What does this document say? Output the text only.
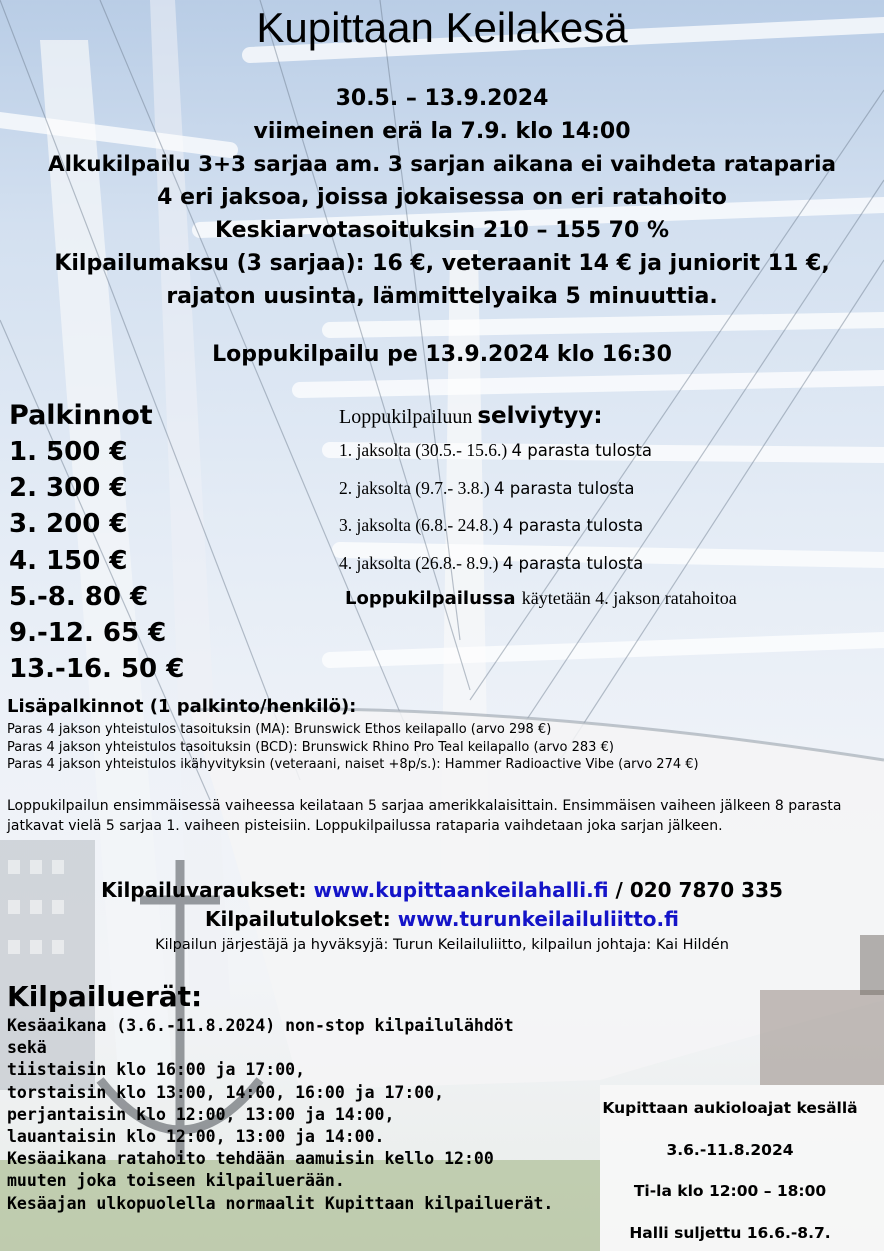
Kupittaan Keilakesä
30.5. – 13.9.2024
viimeinen erä la 7.9. klo 14:00
Alkukilpailu 3+3 sarjaa am. 3 sarjan aikana ei vaihdeta rataparia
4 eri jaksoa, joissa jokaisessa on eri ratahoito
Keskiarvotasoituksin 210 – 155 70 %
Kilpailumaksu (3 sarjaa): 16 €, veteraanit 14 € ja juniorit 11 €,
rajaton uusinta, lämmittelyaika 5 minuuttia.
Loppukilpailu pe 13.9.2024 klo 16:30
Palkinnot
1. 500 €
2. 300 €
3. 200 €
4. 150 €
5.-8. 80 €
9.-12. 65 €
13.-16. 50 €
Loppukilpailuun selviytyy:
1. jaksolta (30.5.- 15.6.) 4 parasta tulosta
2. jaksolta (9.7.- 3.8.) 4 parasta tulosta
3. jaksolta (6.8.- 24.8.) 4 parasta tulosta
4. jaksolta (26.8.- 8.9.) 4 parasta tulosta
Loppukilpailussa käytetään 4. jakson ratahoitoa
Lisäpalkinnot (1 palkinto/henkilö):
Paras 4 jakson yhteistulos tasoituksin (MA): Brunswick Ethos keilapallo (arvo 298 €)
Paras 4 jakson yhteistulos tasoituksin (BCD): Brunswick Rhino Pro Teal keilapallo (arvo 283 €)
Paras 4 jakson yhteistulos ikähyvityksin (veteraani, naiset +8p/s.): Hammer Radioactive Vibe (arvo 274 €)
Loppukilpailun ensimmäisessä vaiheessa keilataan 5 sarjaa amerikkalaisittain. Ensimmäisen vaiheen jälkeen 8 parasta jatkavat vielä 5 sarjaa 1. vaiheen pisteisiin. Loppukilpailussa rataparia vaihdetaan joka sarjan jälkeen.
Kilpailuvaraukset: www.kupittaankeilahalli.fi / 020 7870 335
Kilpailutulokset: www.turunkeilailuliitto.fi
Kilpailun järjestäjä ja hyväksyjä: Turun Keilailuliitto, kilpailun johtaja: Kai Hildén
Kilpailuerät:
Kesäaikana (3.6.-11.8.2024) non-stop kilpailulähdöt
sekä
tiistaisin klo 16:00 ja 17:00,
torstaisin klo 13:00, 14:00, 16:00 ja 17:00,
perjantaisin klo 12:00, 13:00 ja 14:00,
lauantaisin klo 12:00, 13:00 ja 14:00.
Kesäaikana ratahoito tehdään aamuisin kello 12:00
muuten joka toiseen kilpailuerään.
Kesäajan ulkopuolella normaalit Kupittaan kilpailuerät.
Kupittaan aukioloajat kesällä
3.6.-11.8.2024
Ti-la klo 12:00 – 18:00
Halli suljettu 16.6.-8.7.
